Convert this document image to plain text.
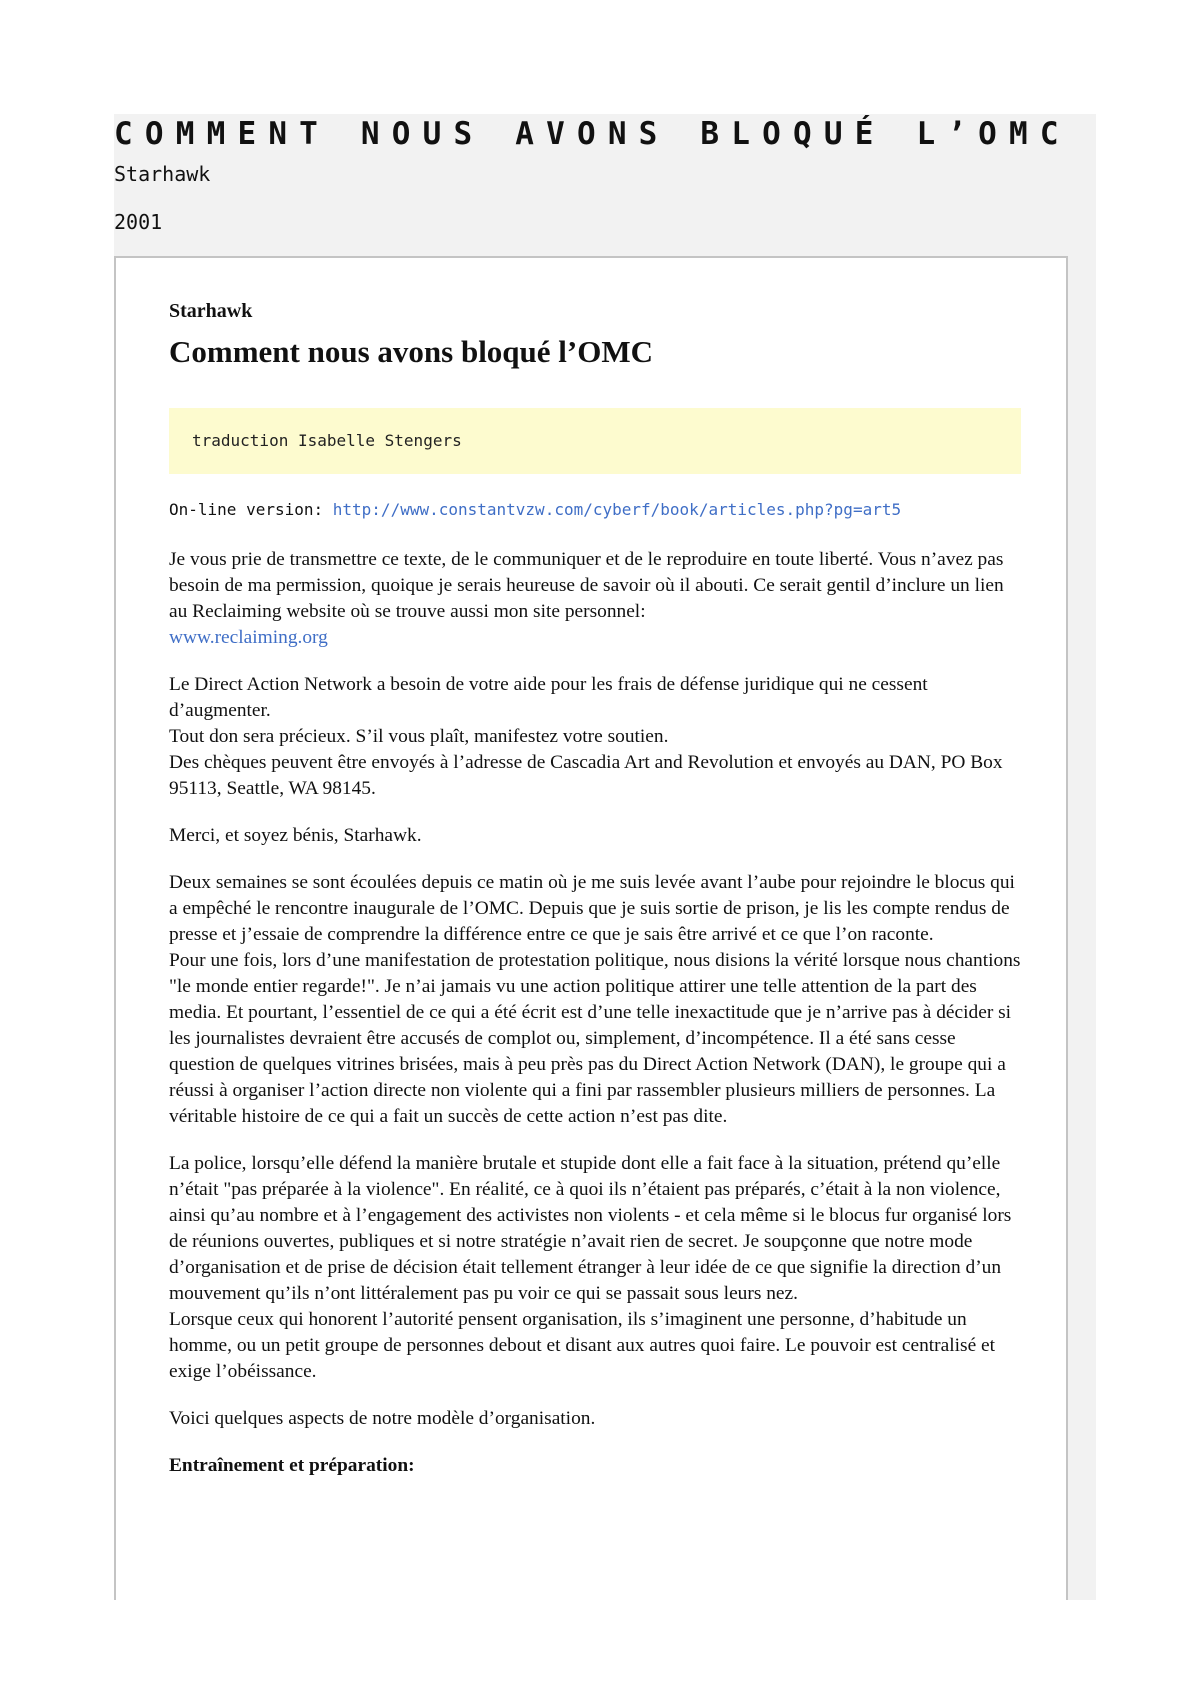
COMMENT NOUS AVONS BLOQUÉ L’OMC
Starhawk
2001
Starhawk
Comment nous avons bloqué l’OMC
traduction Isabelle Stengers
On-line version: http://www.constantvzw.com/cyberf/book/articles.php?pg=art5

Je vous prie de transmettre ce texte, de le communiquer et de le reproduire en toute liberté. Vous n’avez pas besoin de ma permission, quoique je serais heureuse de savoir où il abouti. Ce serait gentil d’inclure un lien au Reclaiming website où se trouve aussi mon site personnel:
www.reclaiming.org

Le Direct Action Network a besoin de votre aide pour les frais de défense juridique qui ne cessent d’augmenter.
Tout don sera précieux. S’il vous plaît, manifestez votre soutien.
Des chèques peuvent être envoyés à l’adresse de Cascadia Art and Revolution et envoyés au DAN, PO Box 95113, Seattle, WA 98145.

Merci, et soyez bénis, Starhawk.

Deux semaines se sont écoulées depuis ce matin où je me suis levée avant l’aube pour rejoindre le blocus qui a empêché le rencontre inaugurale de l’OMC. Depuis que je suis sortie de prison, je lis les compte rendus de presse et j’essaie de comprendre la différence entre ce que je sais être arrivé et ce que l’on raconte.

Pour une fois, lors d’une manifestation de protestation politique, nous disions la vérité lorsque nous chantions "le monde entier regarde!". Je n’ai jamais vu une action politique attirer une telle attention de la part des media. Et pourtant, l’essentiel de ce qui a été écrit est d’une telle inexactitude que je n’arrive pas à décider si les journalistes devraient être accusés de complot ou, simplement, d’incompétence. Il a été sans cesse question de quelques vitrines brisées, mais à peu près pas du Direct Action Network (DAN), le groupe qui a réussi à organiser l’action directe non violente qui a fini par rassembler plusieurs milliers de personnes. La véritable histoire de ce qui a fait un succès de cette action n’est pas dite.

La police, lorsqu’elle défend la manière brutale et stupide dont elle a fait face à la situation, prétend qu’elle n’était "pas préparée à la violence". En réalité, ce à quoi ils n’étaient pas préparés, c’était à la non violence, ainsi qu’au nombre et à l’engagement des activistes non violents - et cela même si le blocus fur organisé lors de réunions ouvertes, publiques et si notre stratégie n’avait rien de secret. Je soupçonne que notre mode d’organisation et de prise de décision était tellement étranger à leur idée de ce que signifie la direction d’un mouvement qu’ils n’ont littéralement pas pu voir ce qui se passait sous leurs nez.

Lorsque ceux qui honorent l’autorité pensent organisation, ils s’imaginent une personne, d’habitude un homme, ou un petit groupe de personnes debout et disant aux autres quoi faire. Le pouvoir est centralisé et exige l’obéissance.

Voici quelques aspects de notre modèle d’organisation.

Entraînement et préparation:
